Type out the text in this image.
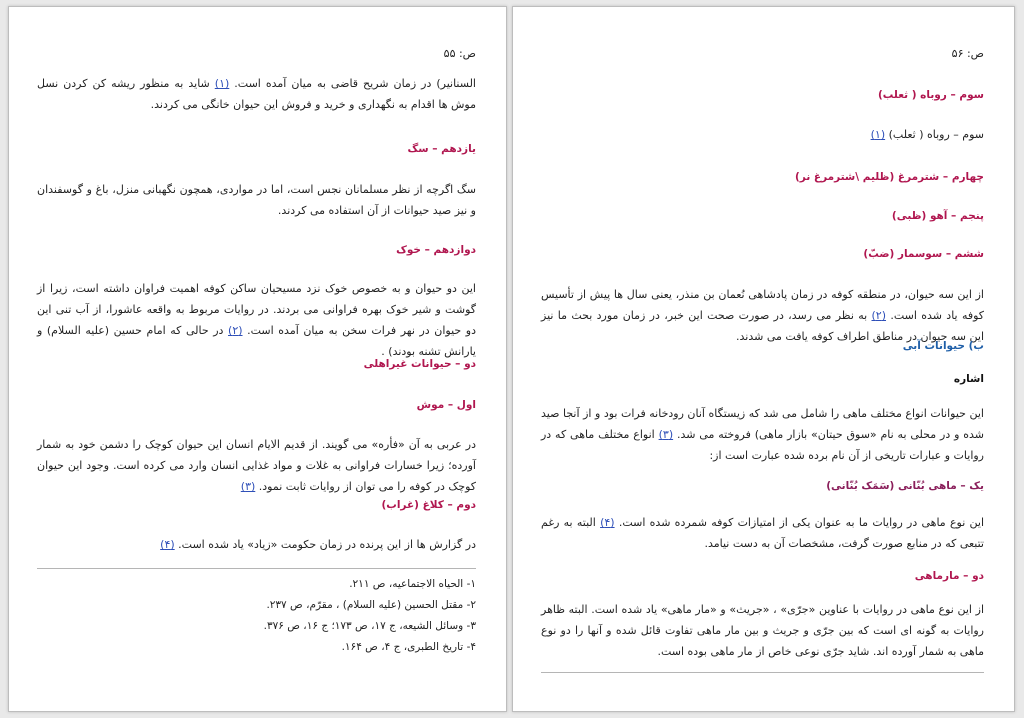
ص: ۵۵
السنانیر) در زمان شریح قاضی به میان آمده است. (۱) شاید به منظور ریشه کن کردن نسل موش ها اقدام به نگهداری و خرید و فروش این حیوان خانگی می کردند.
یازدهم – سگ
سگ اگرچه از نظر مسلمانان نجس است، اما در مواردی، همچون نگهبانی منزل، باغ و گوسفندان و نیز صید حیوانات از آن استفاده می کردند.
دوازدهم – خوک
این دو حیوان و به خصوص خوک نزد مسیحیان ساکن کوفه اهمیت فراوان داشته است، زیرا از گوشت و شیر خوک بهره فراوانی می بردند. در روایات مربوط به واقعه عاشورا، از آب تنی این دو حیوان در نهر فرات سخن به میان آمده است. (۲) در حالی که امام حسین (علیه السلام) و یارانش تشنه بودند) .
دو – حیوانات غیراهلی
اول – موش
در عربی به آن «فأره» می گویند. از قدیم الایام انسان این حیوان کوچک را دشمن خود به شمار آورده؛ زیرا خسارات فراوانی به غلات و مواد غذایی انسان وارد می کرده است. وجود این حیوان کوچک در کوفه را می توان از روایات ثابت نمود. (۳)
دوم – کلاغ (غراب)
در گزارش ها از این پرنده در زمان حکومت «زیاد» یاد شده است. (۴)
۱- الحیاه الاجتماعیه، ص ۲۱۱.
۲- مقتل الحسین (علیه السلام) ، مقرّم، ص ۲۳۷.
۳- وسائل الشیعه، ج ۱۷، ص ۱۷۳؛ ج ۱۶، ص ۳۷۶.
۴- تاریخ الطبری، ج ۴، ص ۱۶۴.
ص: ۵۶
سوم – روباه ( ثعلب)
سوم – روباه ( ثعلب) (۱)
چهارم – شترمرغ (ظلیم \شترمرغ نر)
پنجم – آهو (ظبی)
ششم – سوسمار (ضبّ)
از این سه حیوان، در منطقه کوفه در زمان پادشاهی نُعمان بن منذر، یعنی سال ها پیش از تأسیس کوفه یاد شده است. (۲) به نظر می رسد، در صورت صحت این خبر، در زمان مورد بحث ما نیز این سه حیوان در مناطق اطراف کوفه یافت می شدند.
ب) حیوانات آبی
اشاره
این حیوانات انواع مختلف ماهی را شامل می شد که زیستگاه آنان رودخانه فرات بود و از آنجا صید شده و در محلی به نام «سوق حیتان» بازار ماهی) فروخته می شد. (۳) انواع مختلف ماهی که در روایات و عبارات تاریخی از آن نام برده شده عبارت است از:
یک – ماهی بُنّانی (سَمَک بُنّانی)
این نوع ماهی در روایات ما به عنوان یکی از امتیازات کوفه شمرده شده است. (۴) البته به رغم تتبعی که در منابع صورت گرفت، مشخصات آن به دست نیامد.
دو – مارماهی
از این نوع ماهی در روایات با عناوین «جرّی» ، «جریث» و «مار ماهی» یاد شده است. البته ظاهر روایات به گونه ای است که بین جرّی و جریث و بین مار ماهی تفاوت قائل شده و آنها را دو نوع ماهی به شمار آورده اند. شاید جرّی نوعی خاص از مار ماهی بوده است.
